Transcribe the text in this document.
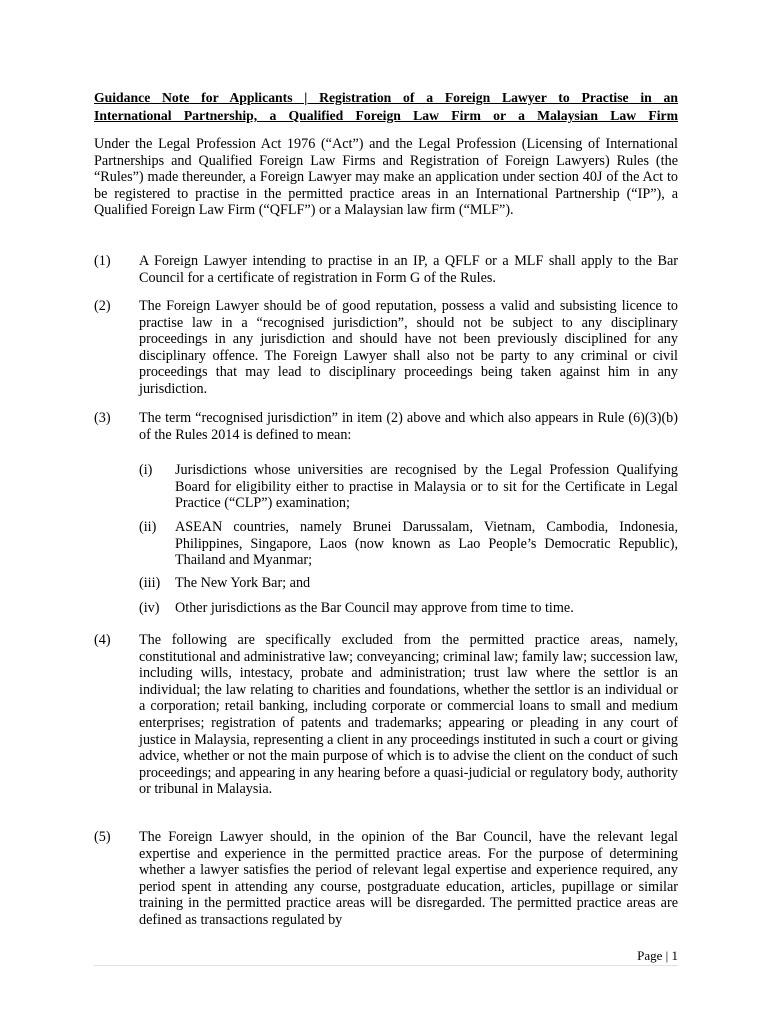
Guidance Note for Applicants | Registration of a Foreign Lawyer to Practise in an
International Partnership, a Qualified Foreign Law Firm or a Malaysian Law Firm
Under the Legal Profession Act 1976 (“Act”) and the Legal Profession (Licensing of International Partnerships and Qualified Foreign Law Firms and Registration of Foreign Lawyers) Rules (the “Rules”) made thereunder, a Foreign Lawyer may make an application under section 40J of the Act to be registered to practise in the permitted practice areas in an International Partnership (“IP”), a Qualified Foreign Law Firm (“QFLF”) or a Malaysian law firm (“MLF”).
(1) A Foreign Lawyer intending to practise in an IP, a QFLF or a MLF shall apply to the Bar Council for a certificate of registration in Form G of the Rules.
(2) The Foreign Lawyer should be of good reputation, possess a valid and subsisting licence to practise law in a “recognised jurisdiction”, should not be subject to any disciplinary proceedings in any jurisdiction and should have not been previously disciplined for any disciplinary offence. The Foreign Lawyer shall also not be party to any criminal or civil proceedings that may lead to disciplinary proceedings being taken against him in any jurisdiction.
(3) The term “recognised jurisdiction” in item (2) above and which also appears in Rule (6)(3)(b) of the Rules 2014 is defined to mean:
(i) Jurisdictions whose universities are recognised by the Legal Profession Qualifying Board for eligibility either to practise in Malaysia or to sit for the Certificate in Legal Practice (“CLP”) examination;
(ii) ASEAN countries, namely Brunei Darussalam, Vietnam, Cambodia, Indonesia, Philippines, Singapore, Laos (now known as Lao People’s Democratic Republic), Thailand and Myanmar;
(iii) The New York Bar; and
(iv) Other jurisdictions as the Bar Council may approve from time to time.
(4) The following are specifically excluded from the permitted practice areas, namely, constitutional and administrative law; conveyancing; criminal law; family law; succession law, including wills, intestacy, probate and administration; trust law where the settlor is an individual; the law relating to charities and foundations, whether the settlor is an individual or a corporation; retail banking, including corporate or commercial loans to small and medium enterprises; registration of patents and trademarks; appearing or pleading in any court of justice in Malaysia, representing a client in any proceedings instituted in such a court or giving advice, whether or not the main purpose of which is to advise the client on the conduct of such proceedings; and appearing in any hearing before a quasi-judicial or regulatory body, authority or tribunal in Malaysia.
(5) The Foreign Lawyer should, in the opinion of the Bar Council, have the relevant legal expertise and experience in the permitted practice areas. For the purpose of determining whether a lawyer satisfies the period of relevant legal expertise and experience required, any period spent in attending any course, postgraduate education, articles, pupillage or similar training in the permitted practice areas will be disregarded. The permitted practice areas are defined as transactions regulated by
Page | 1
